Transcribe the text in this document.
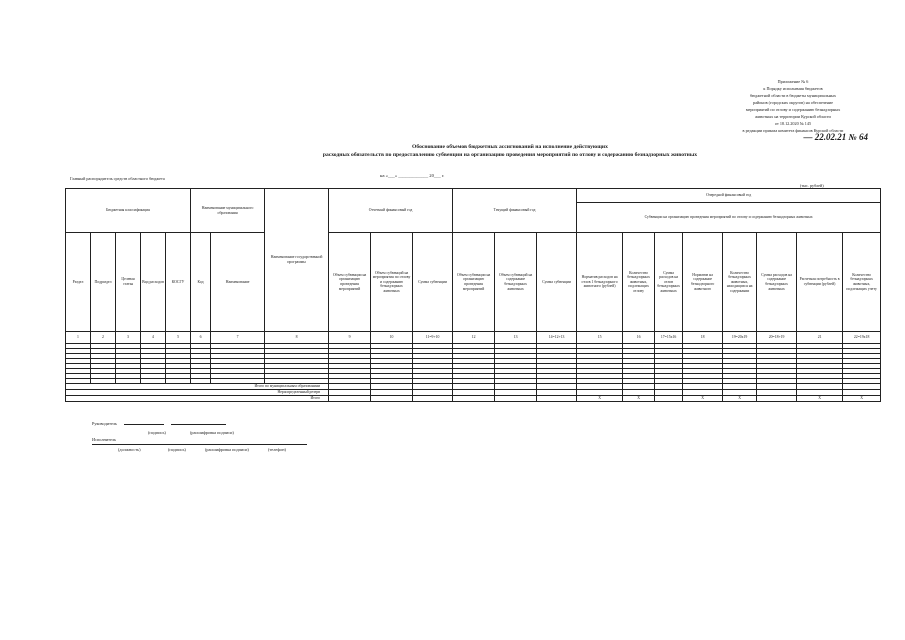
Приложение № 6
к Порядку исполнения бюджетов
бюджетной области в бюджеты муниципальных
районов (городских округов) на обеспечение
мероприятий по отлову и содержанию безнадзорных
животных на территории Курской области
от 18.12.2020 № 145
в редакции приказа комитета финансов Курской области
— 22.02.21 № 64
Обоснование объемов бюджетных ассигнований на исполнение действующих
расходных обязательств по предоставлению субвенции на организацию проведения мероприятий по отлову и содержанию безнадзорных животных
на «___» _____________ 20___ г.
Главный распорядитель средств областного бюджета
(тыс. рублей)
Бюджетная классификация					Наименование муниципального образования		Наименование государственной программы	Отчетный финансовый год			Текущий финансовый год			Очередной финансовый год							
														Субвенции на организацию проведения мероприятий по отлову и содержанию безнадзорных животных							
Раздел	Подраздел	Целевая статья	Вид расходов	КОСГУ	Код	Наименование		Объем субвенции на организацию проведения мероприятий	Объем субвенций на мероприятия по отлову и содержанию безнадзорных животных	Сумма субвенции	Объем субвенции на организацию проведения мероприятий	Объем субвенций на содержание безнадзорных животных	Сумма субвенции	Норматив расходов на отлов 1 безнадзорного животного (рублей)	Количество безнадзорных животных, подлежащих отлову	Сумма расходов на отлов безнадзорных животных	Норматив на содержание безнадзорного животного	Количество безнадзорных животных, находящихся на содержании	Сумма расходов на содержание безнадзорных животных	Расчетная потребность в субвенции (рублей)	Количество безнадзорных животных, подлежащих учету
1	2	3	4	5	6	7	8	9	10	11=9+10	12	13	14=12+13	15	16	17=15х16	18	19=20х19	20=18+19	21	22=19х18

Итого по муниципальным образованиям																					
Нераспределенный резерв																					
Итого														Х	Х		Х	Х		Х	Х
Руководитель
(подпись)	(расшифровка подписи)
Исполнитель
(должность)	(подпись)	(расшифровка подписи)	(телефон)
